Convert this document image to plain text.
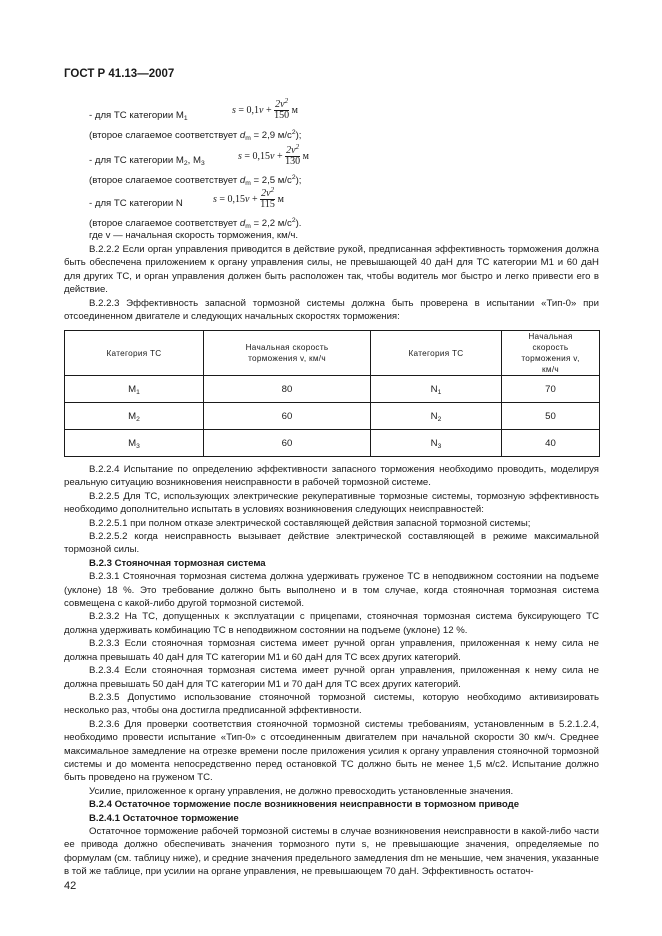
ГОСТ Р 41.13—2007
- для ТС категории $M_1$
$s = 0,1v + \frac{2v^2}{150}$ м
(второе слагаемое соответствует $d_m = 2,9$ $м/с^2$);
- для ТС категории $M_2$, $M_3$
$s = 0,15v + \frac{2v^2}{130}$ м
(второе слагаемое соответствует $d_m = 2,5$ $м/с^2$);
- для ТС категории N	$s = 0,15v + \frac{2v^2}{115}$ м
(второе слагаемое соответствует $d_m = 2,2$ $м/с^2$).
где v — начальная скорость торможения, км/ч.

В.2.2.2 Если орган управления приводится в действие рукой, предписанная эффективность торможения должна быть обеспечена приложением к органу управления силы, не превышающей 40 даН для ТС категории M1 и 60 даН для других ТС, и орган управления должен быть расположен так, чтобы водитель мог быстро и легко привести его в действие.

В.2.2.3 Эффективность запасной тормозной системы должна быть проверена в испытании «Тип-0» при отсоединенном двигателе и следующих начальных скоростях торможения:

Категория ТС	Начальная скорость торможения v, км/ч	Категория ТС	Начальная скорость торможения v, км/ч
$M_1$	80	$N_1$	70
$M_2$	60	$N_2$	50
$M_3$	60	$N_3$	40

В.2.2.4 Испытание по определению эффективности запасного торможения необходимо проводить, моделируя реальную ситуацию возникновения неисправности в рабочей тормозной системе.

В.2.2.5 Для ТС, использующих электрические рекуперативные тормозные системы, тормозную эффективность необходимо дополнительно испытать в условиях возникновения следующих неисправностей:

В.2.2.5.1 при полном отказе электрической составляющей действия запасной тормозной системы;

В.2.2.5.2 когда неисправность вызывает действие электрической составляющей в режиме максимальной тормозной силы.

В.2.3 Стояночная тормозная система

В.2.3.1 Стояночная тормозная система должна удерживать груженое ТС в неподвижном состоянии на подъеме (уклоне) 18 %. Это требование должно быть выполнено и в том случае, когда стояночная тормозная система совмещена с какой-либо другой тормозной системой.

В.2.3.2 На ТС, допущенных к эксплуатации с прицепами, стояночная тормозная система буксирующего ТС должна удерживать комбинацию ТС в неподвижном состоянии на подъеме (уклоне) 12 %.

В.2.3.3 Если стояночная тормозная система имеет ручной орган управления, приложенная к нему сила не должна превышать 40 даН для ТС категории M1 и 60 даН для ТС всех других категорий.

В.2.3.4 Если стояночная тормозная система имеет ручной орган управления, приложенная к нему сила не должна превышать 50 даН для ТС категории M1 и 70 даН для ТС всех других категорий.

В.2.3.5 Допустимо использование стояночной тормозной системы, которую необходимо активизировать несколько раз, чтобы она достигла предписанной эффективности.

В.2.3.6 Для проверки соответствия стояночной тормозной системы требованиям, установленным в 5.2.1.2.4, необходимо провести испытание «Тип-0» с отсоединенным двигателем при начальной скорости 30 км/ч. Среднее максимальное замедление на отрезке времени после приложения усилия к органу управления стояночной тормозной системы и до момента непосредственно перед остановкой ТС должно быть не менее 1,5 м/с2. Испытание должно быть проведено на груженом ТС.

Усилие, приложенное к органу управления, не должно превосходить установленные значения.

В.2.4 Остаточное торможение после возникновения неисправности в тормозном приводе

В.2.4.1 Остаточное торможение

Остаточное торможение рабочей тормозной системы в случае возникновения неисправности в какой-либо части ее привода должно обеспечивать значения тормозного пути s, не превышающие значения, определяемые по формулам (см. таблицу ниже), и средние значения предельного замедления dm не меньшие, чем значения, указанные в той же таблице, при усилии на органе управления, не превышающем 70 даН. Эффективность остаточ-

42
